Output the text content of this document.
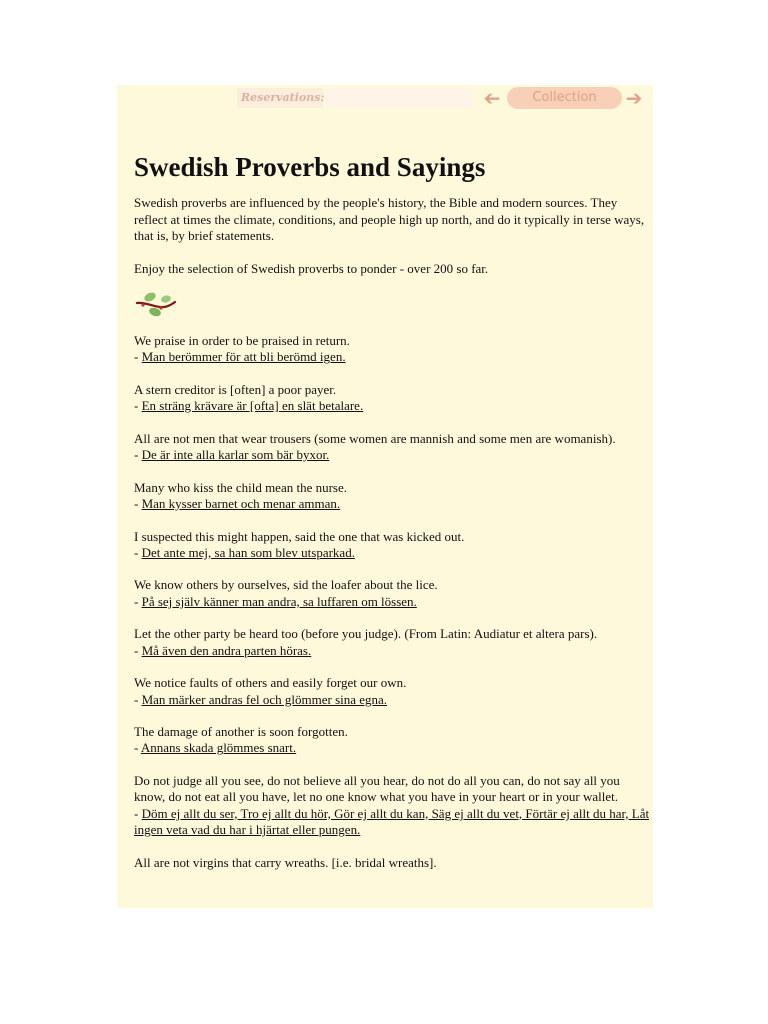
Reservations:	➔	Collection	➔
Swedish Proverbs and Sayings

Swedish proverbs are influenced by the people's history, the Bible and modern sources. They reflect at times the climate, conditions, and people high up north, and do it typically in terse ways, that is, by brief statements.

Enjoy the selection of Swedish proverbs to ponder - over 200 so far.

We praise in order to be praised in return.
- Man berömmer för att bli berömd igen.
A stern creditor is [often] a poor payer.
- En sträng krävare är [ofta] en slät betalare.
All are not men that wear trousers (some women are mannish and some men are womanish).
- De är inte alla karlar som bär byxor.
Many who kiss the child mean the nurse.
- Man kysser barnet och menar amman.
I suspected this might happen, said the one that was kicked out.
- Det ante mej, sa han som blev utsparkad.
We know others by ourselves, sid the loafer about the lice.
- På sej själv känner man andra, sa luffaren om lössen.
Let the other party be heard too (before you judge). (From Latin: Audiatur et altera pars).
- Må även den andra parten höras.
We notice faults of others and easily forget our own.
- Man märker andras fel och glömmer sina egna.
The damage of another is soon forgotten.
- Annans skada glömmes snart.
Do not judge all you see, do not believe all you hear, do not do all you can, do not say all you know, do not eat all you have, let no one know what you have in your heart or in your wallet.
- Döm ej allt du ser, Tro ej allt du hör, Gör ej allt du kan, Säg ej allt du vet, Förtär ej allt du har, Låt ingen veta vad du har i hjärtat eller pungen.
All are not virgins that carry wreaths. [i.e. bridal wreaths].
